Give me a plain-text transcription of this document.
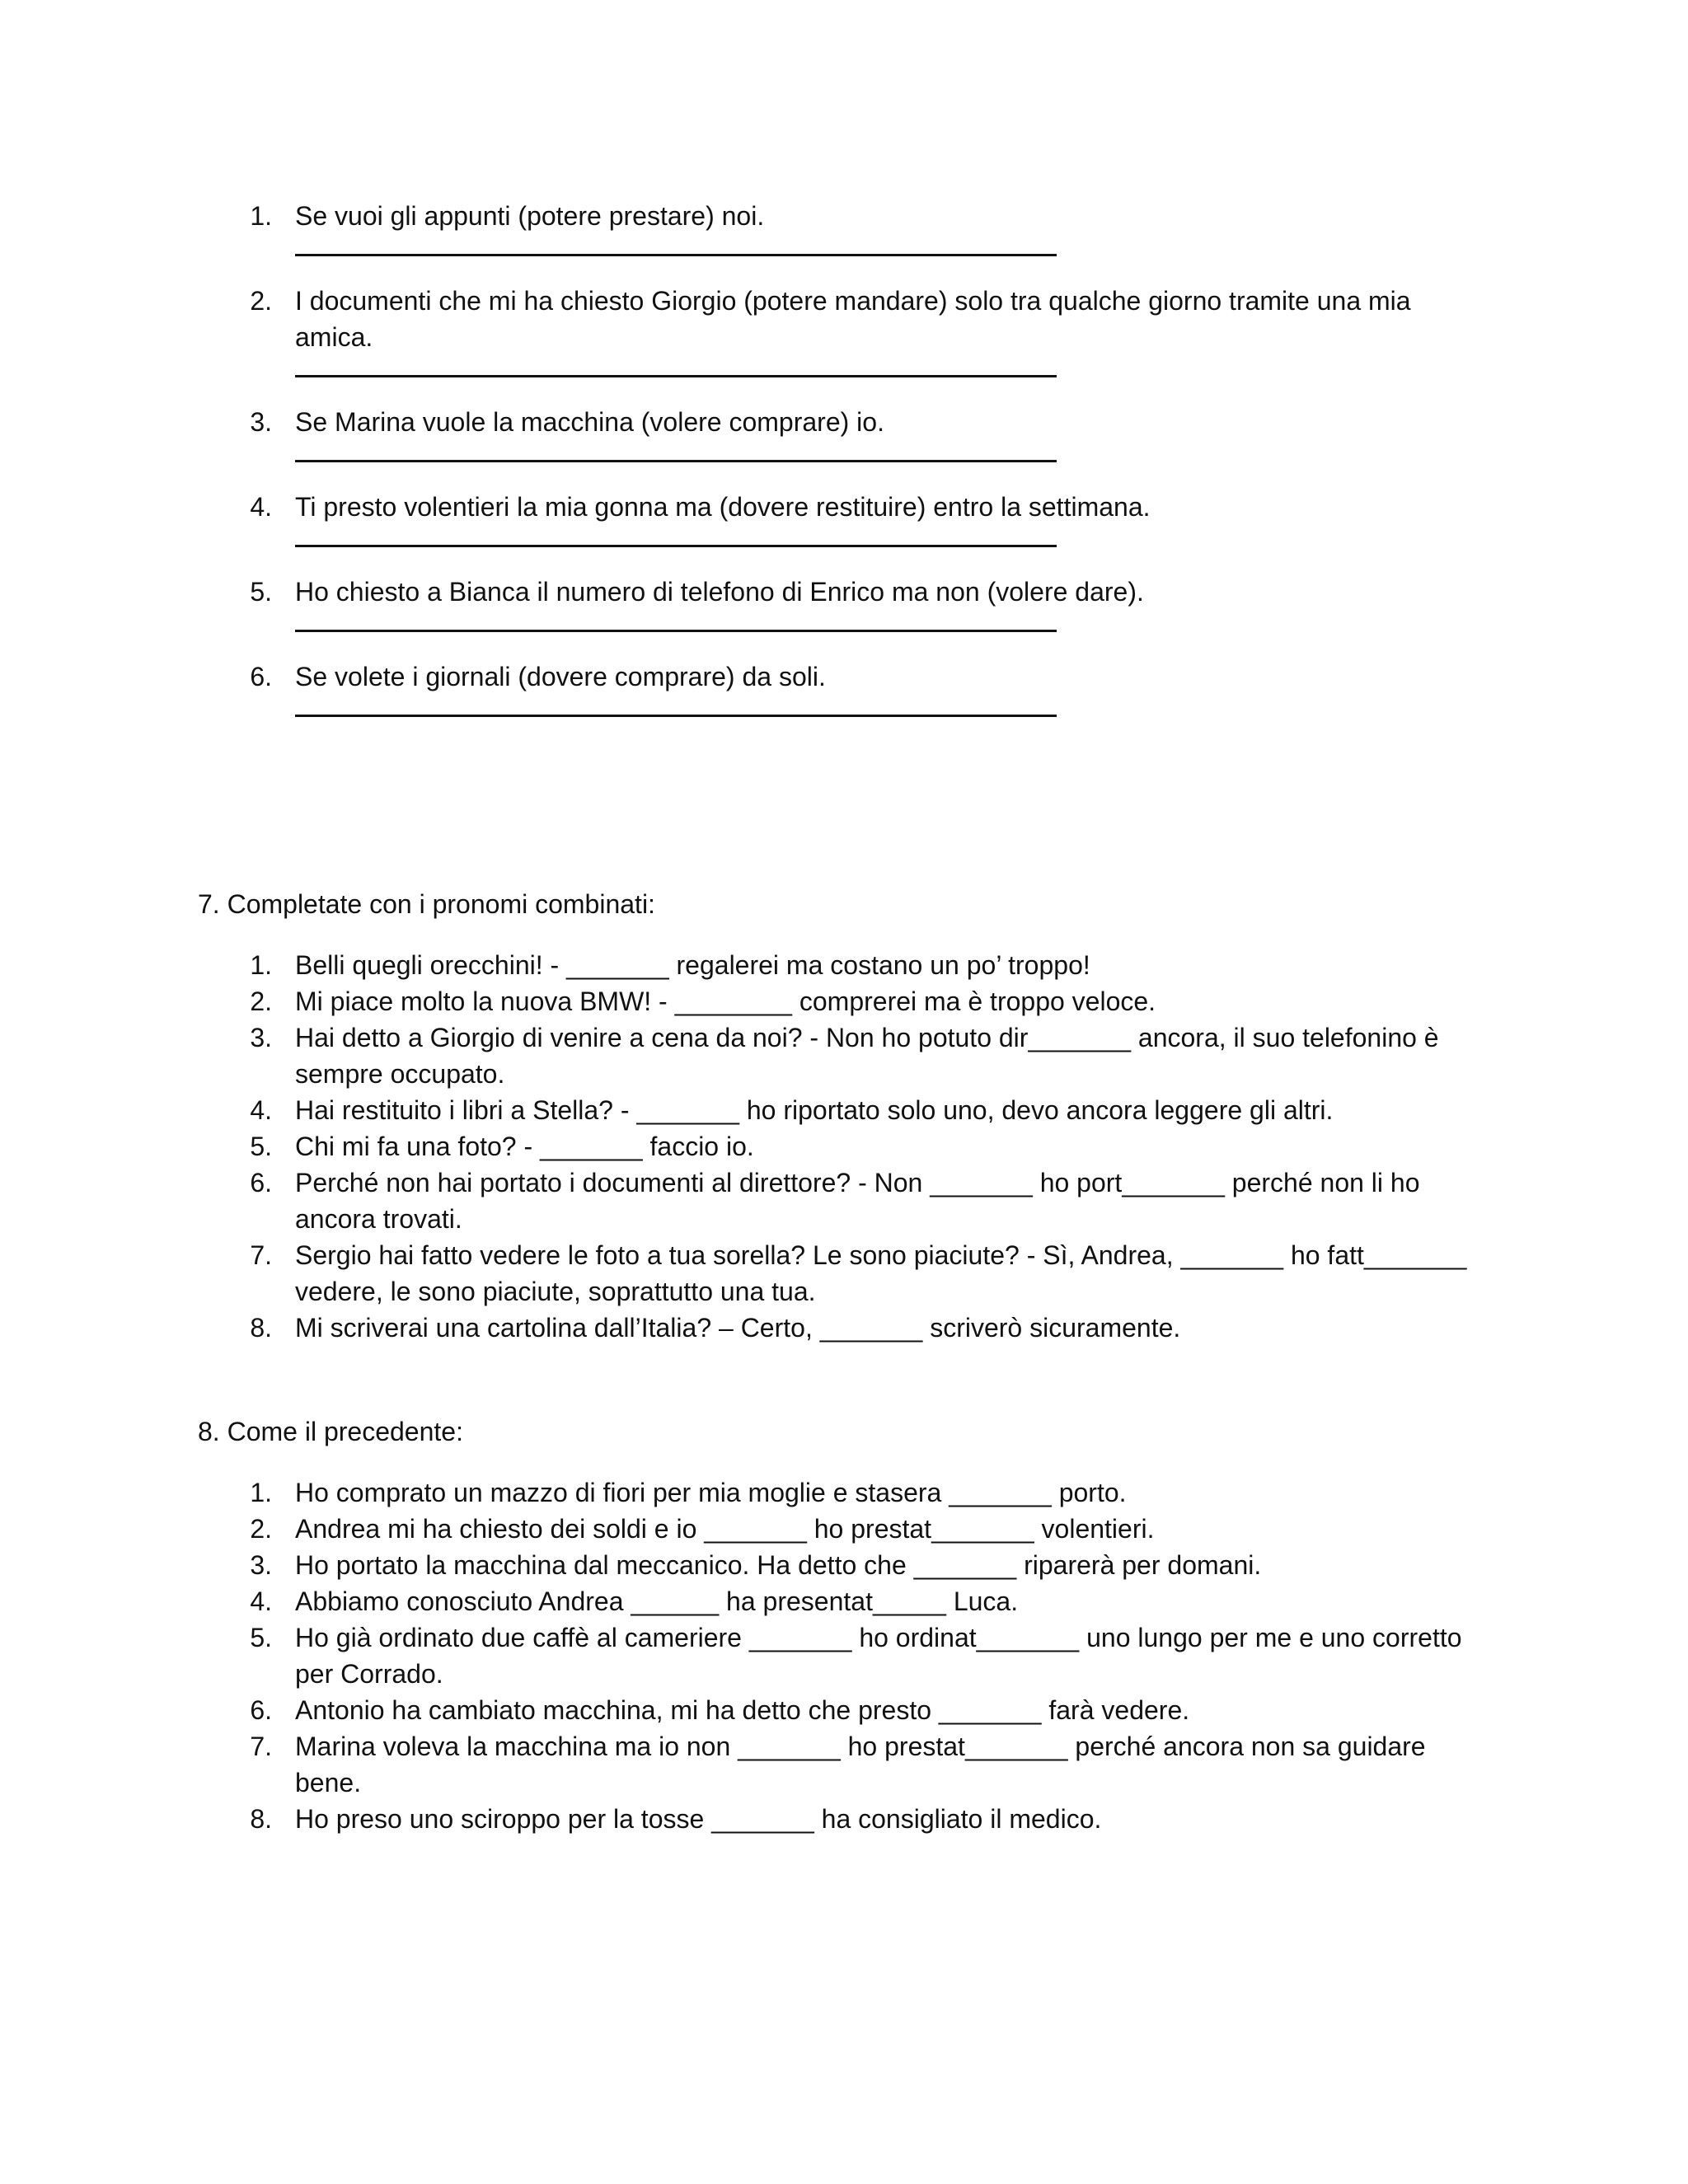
1. Se vuoi gli appunti (potere prestare) noi.
2. I documenti che mi ha chiesto Giorgio (potere mandare) solo tra qualche giorno tramite una mia amica.
3. Se Marina vuole la macchina (volere comprare) io.
4. Ti presto volentieri la mia gonna ma (dovere restituire) entro la settimana.
5. Ho chiesto a Bianca il numero di telefono di Enrico ma non (volere dare).
6. Se volete i giornali (dovere comprare) da soli.
7. Completate con i pronomi combinati:
1. Belli quegli orecchini! - _______ regalerei ma costano un po’ troppo!
2. Mi piace molto la nuova BMW! - ________ comprerei ma è troppo veloce.
3. Hai detto a Giorgio di venire a cena da noi? - Non ho potuto dir_______ ancora, il suo telefonino è sempre occupato.
4. Hai restituito i libri a Stella? - _______ ho riportato solo uno, devo ancora leggere gli altri.
5. Chi mi fa una foto? - _______ faccio io.
6. Perché non hai portato i documenti al direttore? - Non _______ ho port_______ perché non li ho ancora trovati.
7. Sergio hai fatto vedere le foto a tua sorella? Le sono piaciute? - Sì, Andrea, _______ ho fatt_______ vedere, le sono piaciute, soprattutto una tua.
8. Mi scriverai una cartolina dall’Italia? – Certo, _______ scriverò sicuramente.
8. Come il precedente:
1. Ho comprato un mazzo di fiori per mia moglie e stasera _______ porto.
2. Andrea mi ha chiesto dei soldi e io _______ ho prestat_______ volentieri.
3. Ho portato la macchina dal meccanico. Ha detto che _______ riparerà per domani.
4. Abbiamo conosciuto Andrea ______ ha presentat_____ Luca.
5. Ho già ordinato due caffè al cameriere _______ ho ordinat_______ uno lungo per me e uno corretto per Corrado.
6. Antonio ha cambiato macchina, mi ha detto che presto _______ farà vedere.
7. Marina voleva la macchina ma io non _______ ho prestat_______ perché ancora non sa guidare bene.
8. Ho preso uno sciroppo per la tosse _______ ha consigliato il medico.
